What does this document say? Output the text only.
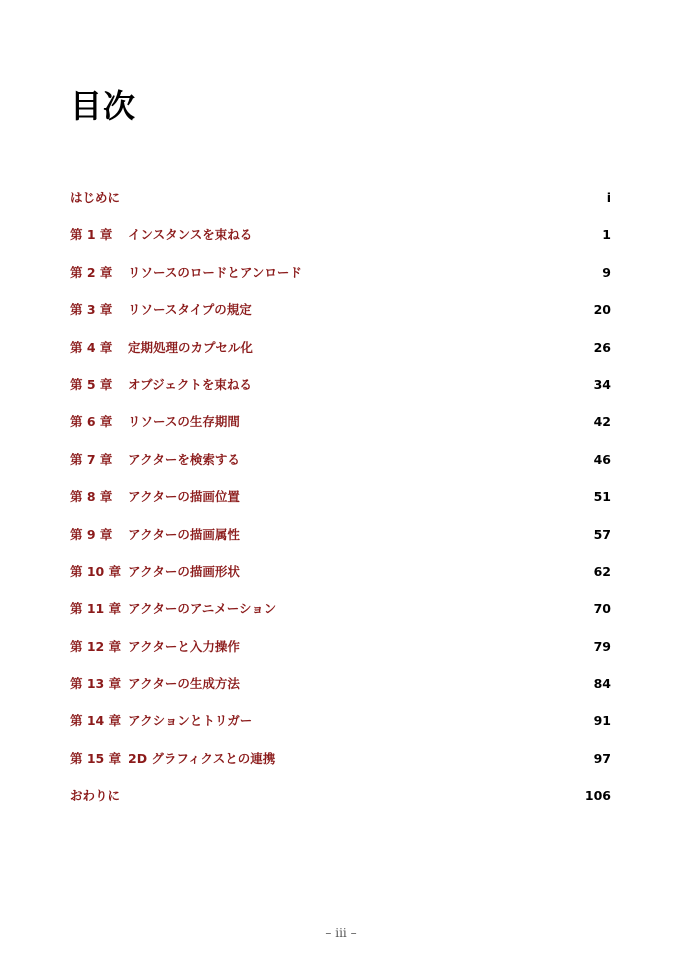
目次
はじめに	i
第 1 章	インスタンスを束ねる	1
第 2 章	リソースのロードとアンロード	9
第 3 章	リソースタイプの規定	20
第 4 章	定期処理のカプセル化	26
第 5 章	オブジェクトを束ねる	34
第 6 章	リソースの生存期間	42
第 7 章	アクターを検索する	46
第 8 章	アクターの描画位置	51
第 9 章	アクターの描画属性	57
第 10 章 アクターの描画形状	62
第 11 章 アクターのアニメーション	70
第 12 章 アクターと入力操作	79
第 13 章 アクターの生成方法	84
第 14 章 アクションとトリガー	91
第 15 章 2D グラフィクスとの連携	97
おわりに	106
– iii –
